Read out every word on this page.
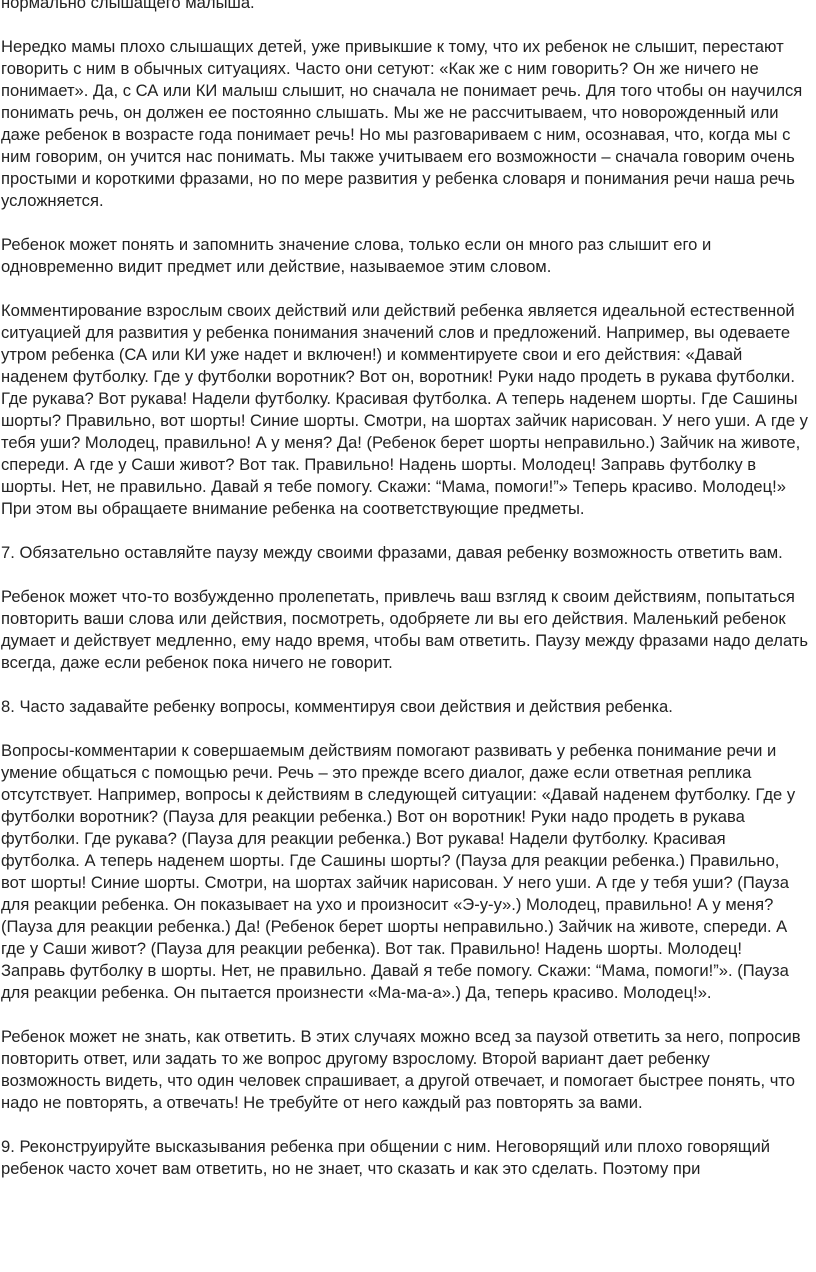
нормально слышащего малыша.

Нередко мамы плохо слышащих детей, уже привыкшие к тому, что их ребенок не слышит, перестают говорить с ним в обычных ситуациях. Часто они сетуют: «Как же с ним говорить? Он же ничего не понимает». Да, с СА или КИ малыш слышит, но сначала не понимает речь. Для того чтобы он научился понимать речь, он должен ее постоянно слышать. Мы же не рассчитываем, что новорожденный или даже ребенок в возрасте года понимает речь! Но мы разговариваем с ним, осознавая, что, когда мы с ним говорим, он учится нас понимать. Мы также учитываем его возможности – сначала говорим очень простыми и короткими фразами, но по мере развития у ребенка словаря и понимания речи наша речь усложняется.

Ребенок может понять и запомнить значение слова, только если он много раз слышит его и одновременно видит предмет или действие, называемое этим словом.

Комментирование взрослым своих действий или действий ребенка является идеальной естественной ситуацией для развития у ребенка понимания значений слов и предложений. Например, вы одеваете утром ребенка (СА или КИ уже надет и включен!) и комментируете свои и его действия: «Давай наденем футболку. Где у футболки воротник? Вот он, воротник! Руки надо продеть в рукава футболки. Где рукава? Вот рукава! Надели футболку. Красивая футболка. А теперь наденем шорты. Где Сашины шорты? Правильно, вот шорты! Синие шорты. Смотри, на шортах зайчик нарисован. У него уши. А где у тебя уши? Молодец, правильно! А у меня? Да! (Ребенок берет шорты неправильно.) Зайчик на животе, спереди. А где у Саши живот? Вот так. Правильно! Надень шорты. Молодец! Заправь футболку в шорты. Нет, не правильно. Давай я тебе помогу. Скажи: “Мама, помоги!”» Теперь красиво. Молодец!» При этом вы обращаете внимание ребенка на соответствующие предметы.

7. Обязательно оставляйте паузу между своими фразами, давая ребенку возможность ответить вам.

Ребенок может что-то возбужденно пролепетать, привлечь ваш взгляд к своим действиям, попытаться повторить ваши слова или действия, посмотреть, одобряете ли вы его действия. Маленький ребенок думает и действует медленно, ему надо время, чтобы вам ответить. Паузу между фразами надо делать всегда, даже если ребенок пока ничего не говорит.

8. Часто задавайте ребенку вопросы, комментируя свои действия и действия ребенка.

Вопросы-комментарии к совершаемым действиям помогают развивать у ребенка понимание речи и умение общаться с помощью речи. Речь – это прежде всего диалог, даже если ответная реплика отсутствует. Например, вопросы к действиям в следующей ситуации: «Давай наденем футболку. Где у футболки воротник? (Пауза для реакции ребенка.) Вот он воротник! Руки надо продеть в рукава футболки. Где рукава? (Пауза для реакции ребенка.) Вот рукава! Надели футболку. Красивая футболка. А теперь наденем шорты. Где Сашины шорты? (Пауза для реакции ребенка.) Правильно, вот шорты! Синие шорты. Смотри, на шортах зайчик нарисован. У него уши. А где у тебя уши? (Пауза для реакции ребенка. Он показывает на ухо и произносит «Э-у-у».) Молодец, правильно! А у меня? (Пауза для реакции ребенка.) Да! (Ребенок берет шорты неправильно.) Зайчик на животе, спереди. А где у Саши живот? (Пауза для реакции ребенка). Вот так. Правильно! Надень шорты. Молодец! Заправь футболку в шорты. Нет, не правильно. Давай я тебе помогу. Скажи: “Мама, помоги!”». (Пауза для реакции ребенка. Он пытается произнести «Ма-ма-а».) Да, теперь красиво. Молодец!».

Ребенок может не знать, как ответить. В этих случаях можно всед за паузой ответить за него, попросив повторить ответ, или задать то же вопрос другому взрослому. Второй вариант дает ребенку возможность видеть, что один человек спрашивает, а другой отвечает, и помогает быстрее понять, что надо не повторять, а отвечать! Не требуйте от него каждый раз повторять за вами.

9. Реконструируйте высказывания ребенка при общении с ним. Неговорящий или плохо говорящий ребенок часто хочет вам ответить, но не знает, что сказать и как это сделать. Поэтому при
